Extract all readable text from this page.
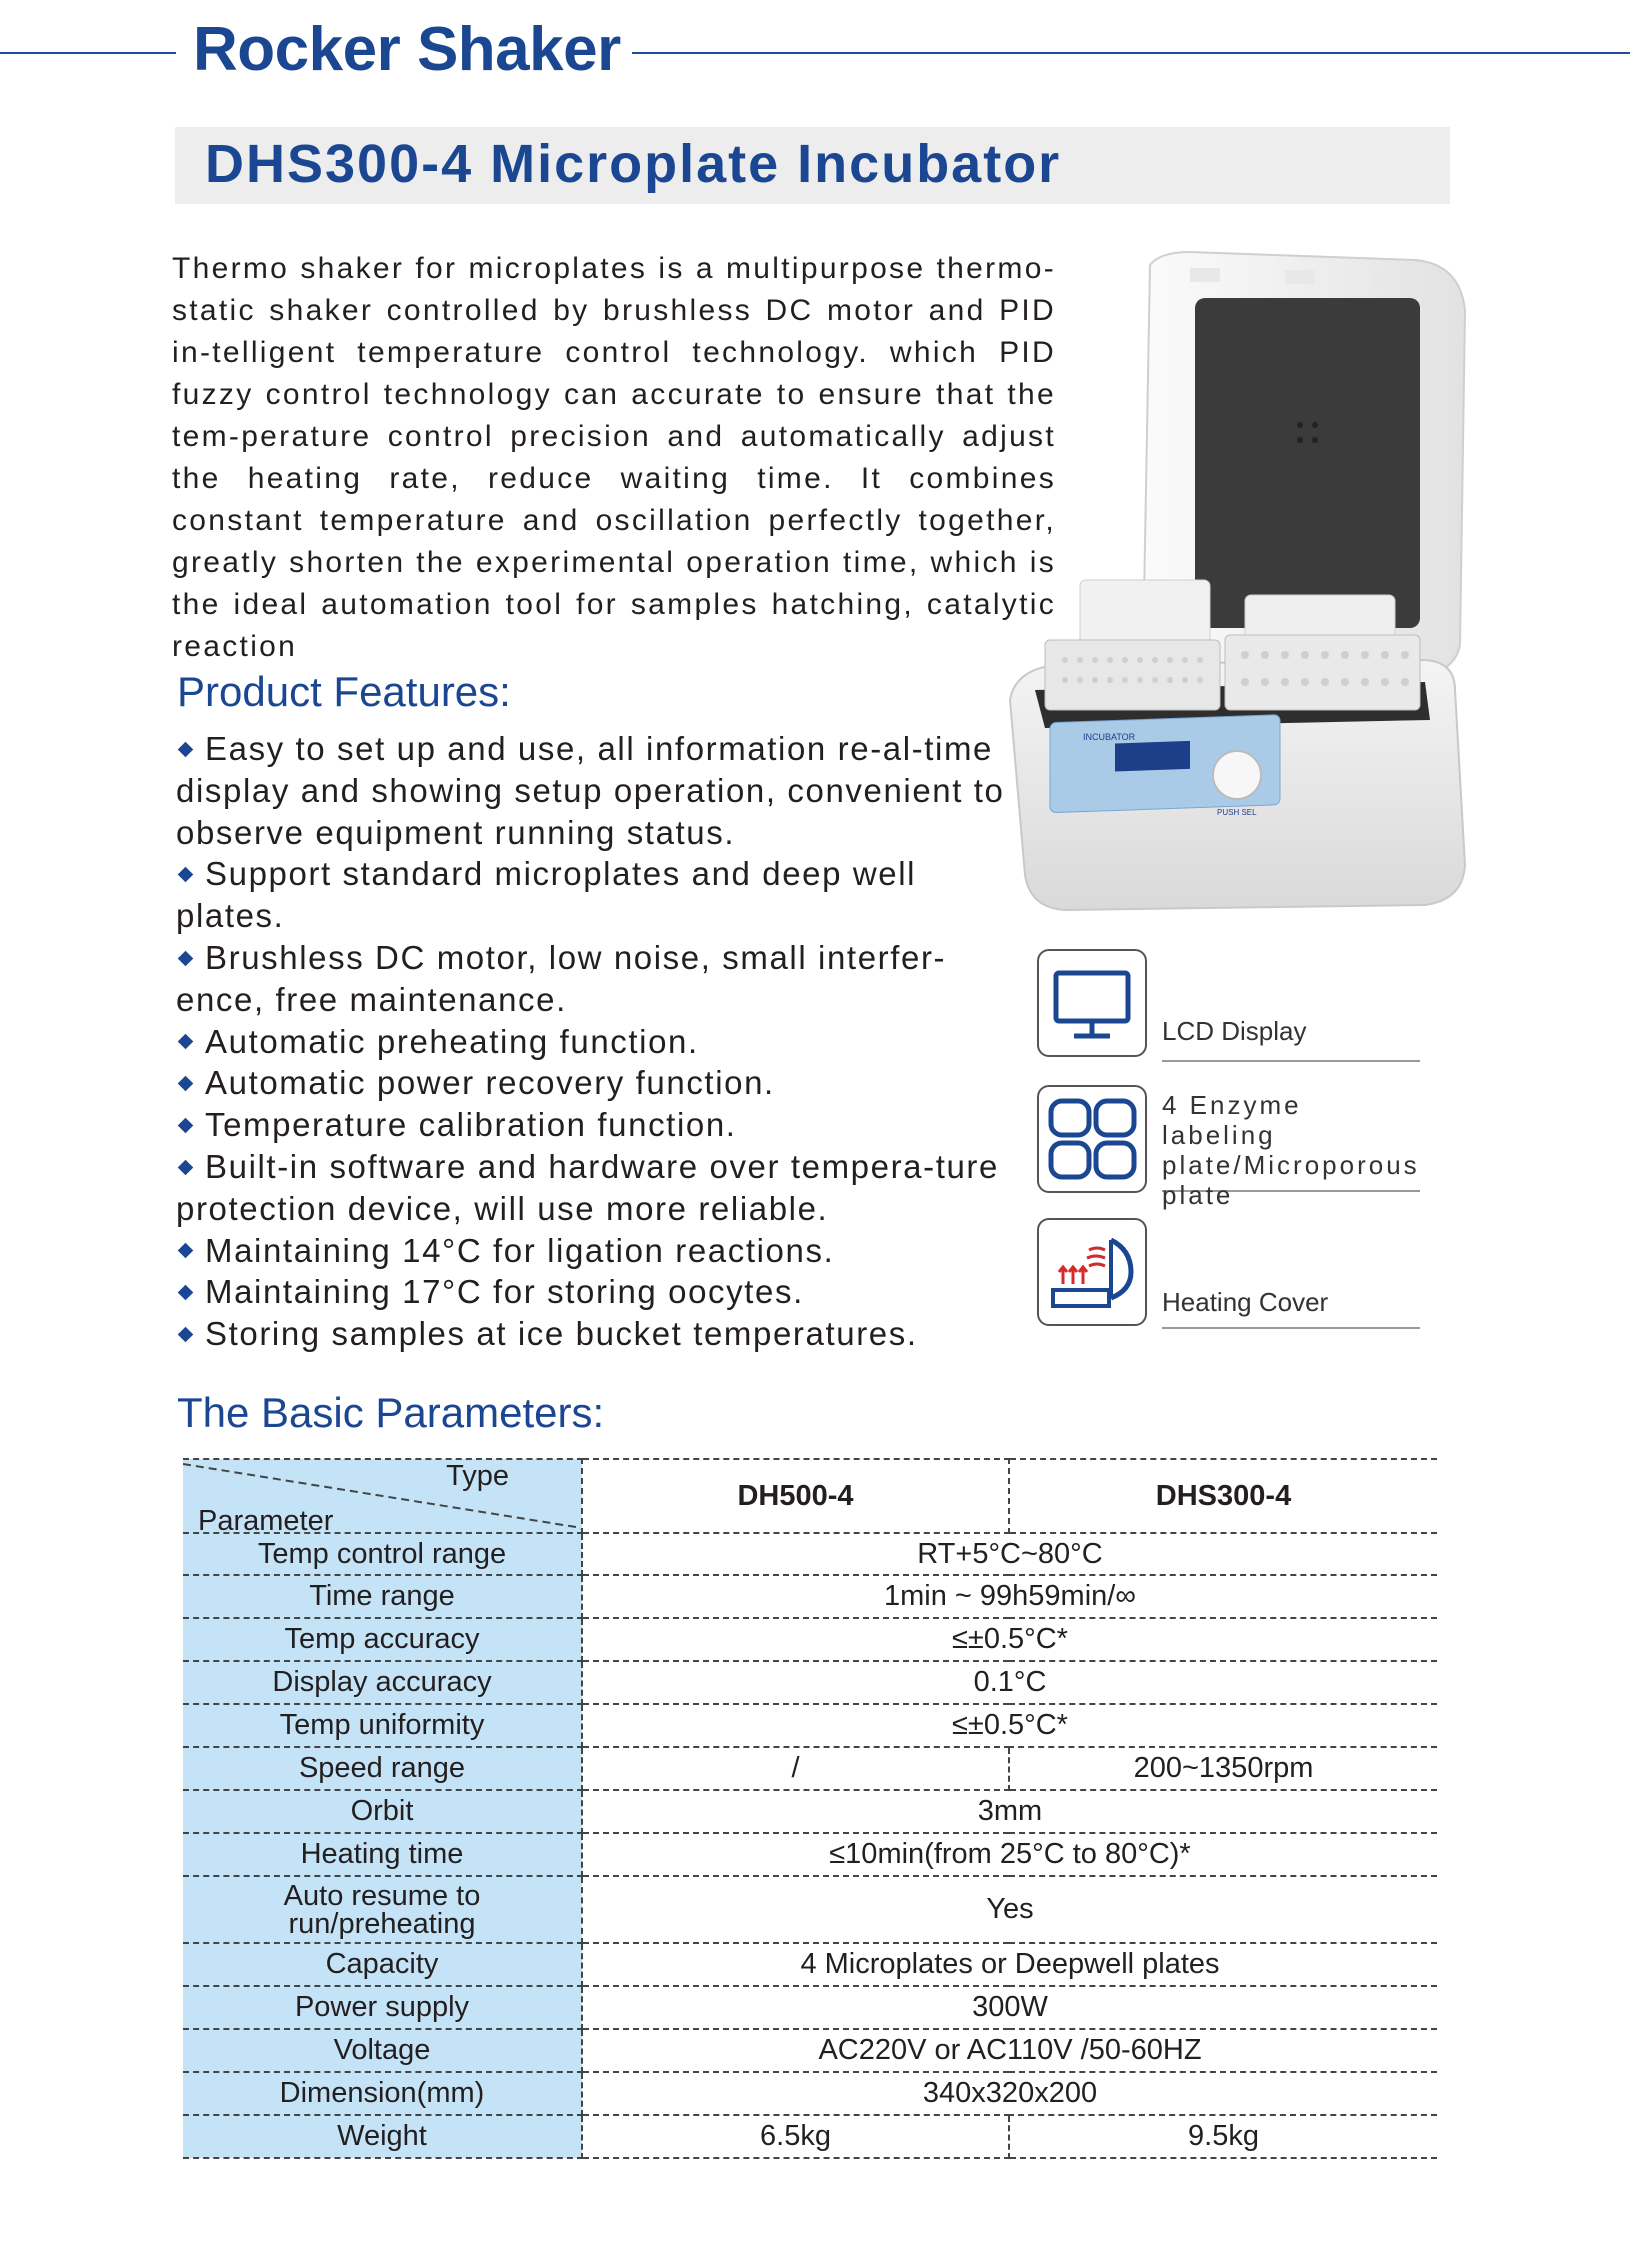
Rocker Shaker
DHS300-4 Microplate Incubator

Thermo shaker for microplates is a multipurpose thermo-static shaker controlled by brushless DC motor and PID in-telligent temperature control technology. which PID fuzzy control technology can accurate to ensure that the tem-perature control precision and automatically adjust the heating rate, reduce waiting time. It combines constant temperature and oscillation perfectly together, greatly shorten the experimental operation time, which is the ideal automation tool for samples hatching, catalytic reaction

INCUBATOR
PUSH SEL
Product Features:
Easy to set up and use, all information re-al-time display and showing setup operation, convenient to observe equipment running status.
Support standard microplates and deep well plates.
Brushless DC motor, low noise, small interfer-ence, free maintenance.
Automatic preheating function.
Automatic power recovery function.
Temperature calibration function.
Built-in software and hardware over tempera-ture protection device, will use more reliable.
Maintaining 14°C for ligation reactions.
Maintaining 17°C for storing oocytes.
Storing samples at ice bucket temperatures.
LCD Display
4 Enzyme labeling plate/Microporous plate
Heating Cover
The Basic Parameters:
Type
Parameter	DH500-4	DHS300-4
Temp control range	RT+5°C~80°C	
Time range	1min ~ 99h59min/∞	
Temp accuracy	≤±0.5°C*	
Display accuracy	0.1°C	
Temp uniformity	≤±0.5°C*	
Speed range	/	200~1350rpm
Orbit	3mm	
Heating time	≤10min(from 25°C to 80°C)*	
Auto resume to run/preheating	Yes	
Capacity	4 Microplates or Deepwell plates	
Power supply	300W	
Voltage	AC220V or AC110V /50-60HZ	
Dimension(mm)	340x320x200	
Weight	6.5kg	9.5kg
